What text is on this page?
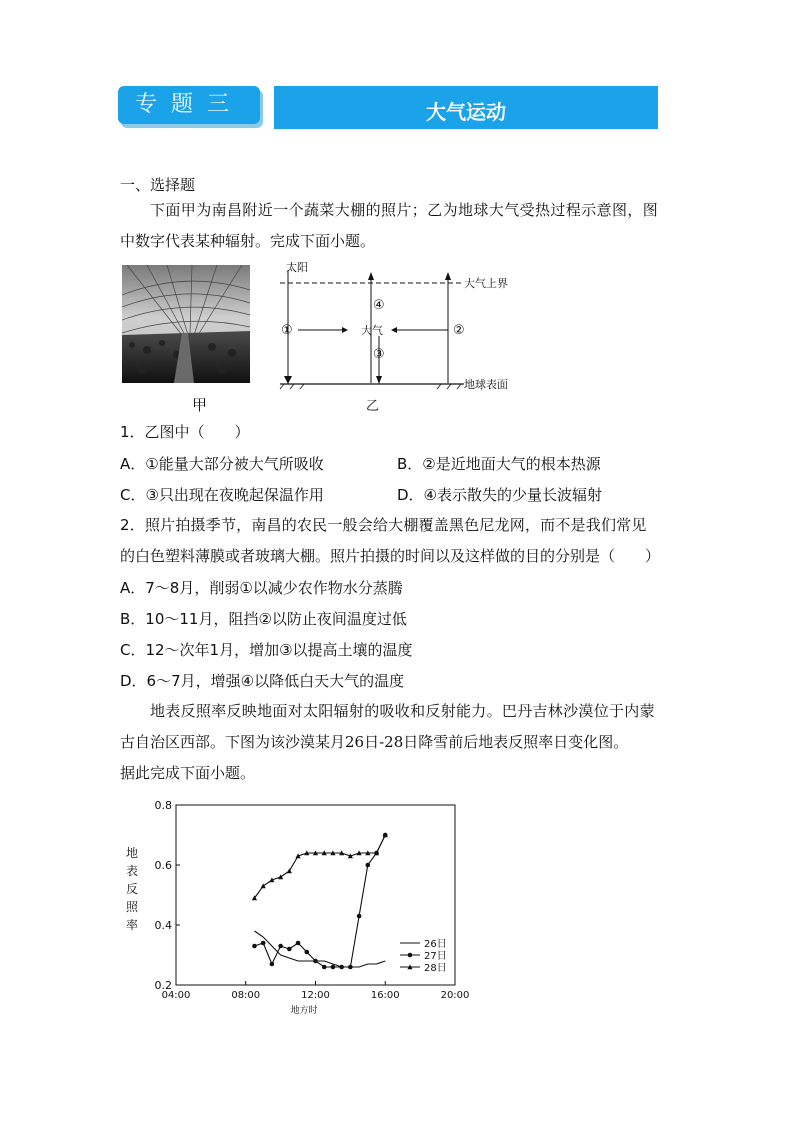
专题三	大气运动
一、选择题
下面甲为南昌附近一个蔬菜大棚的照片；乙为地球大气受热过程示意图，图
中数字代表某种辐射。完成下面小题。
甲
太阳
大气上界
①
④
大气
③
②
地球表面
乙
1．乙图中（　　）
A．①能量大部分被大气所吸收	B．②是近地面大气的根本热源
C．③只出现在夜晚起保温作用	D．④表示散失的少量长波辐射
2．照片拍摄季节，南昌的农民一般会给大棚覆盖黑色尼龙网，而不是我们常见
的白色塑料薄膜或者玻璃大棚。照片拍摄的时间以及这样做的目的分别是（　　）
A．7～8月，削弱①以减少农作物水分蒸腾
B．10～11月，阻挡②以防止夜间温度过低
C．12～次年1月，增加③以提高土壤的温度
D．6～7月，增强④以降低白天大气的温度
地表反照率反映地面对太阳辐射的吸收和反射能力。巴丹吉林沙漠位于内蒙
古自治区西部。下图为该沙漠某月26日-28日降雪前后地表反照率日变化图。
据此完成下面小题。
0.2
0.4
0.6
0.8
04:00	08:00	12:00	16:00	20:00
26日
27日
28日
地
表
反
照
率
地方时
